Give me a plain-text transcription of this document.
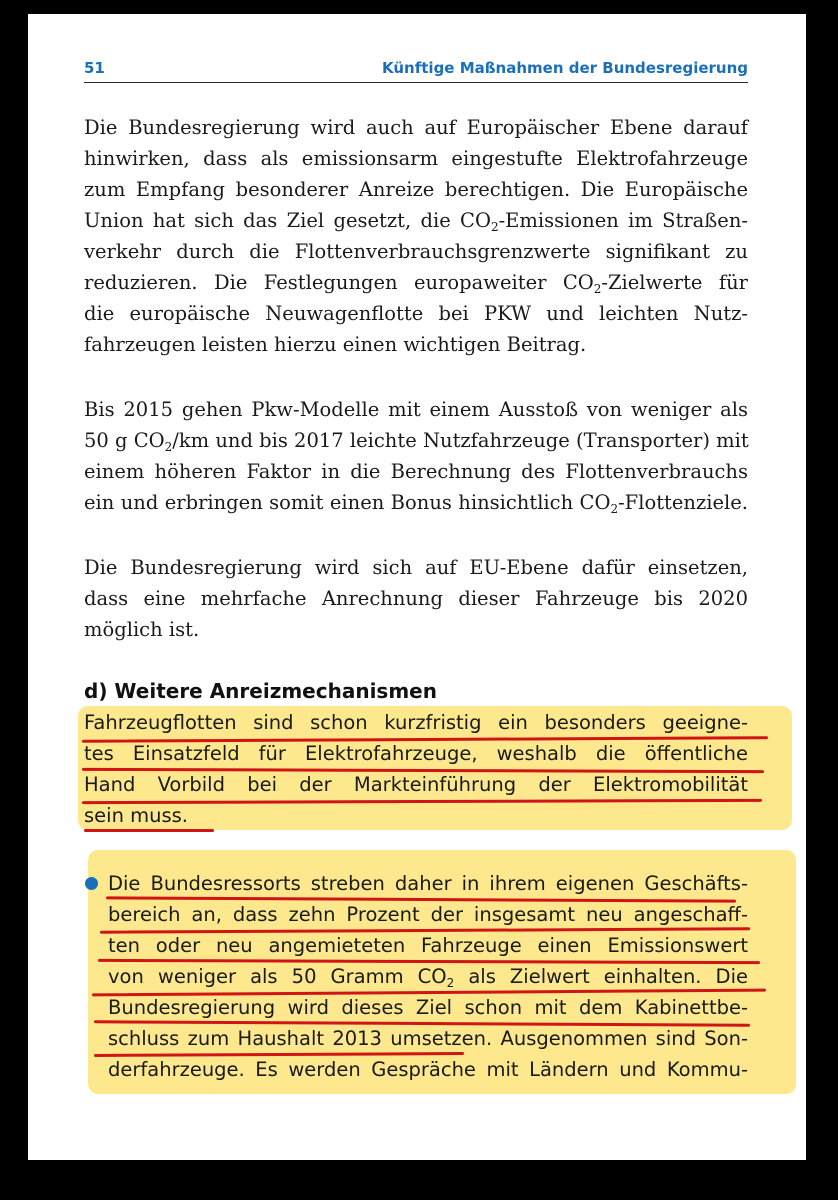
51	Künftige Maßnahmen der Bundesregierung
Die Bundesregierung wird auch auf Europäischer Ebene darauf
hinwirken, dass als emissionsarm eingestufte Elektrofahrzeuge
zum Empfang besonderer Anreize berechtigen. Die Europäische
Union hat sich das Ziel gesetzt, die $CO_2$-Emissionen im Straßen-
verkehr durch die Flottenverbrauchsgrenzwerte signifikant zu
reduzieren. Die Festlegungen europaweiter $CO_2$-Zielwerte für
die europäische Neuwagenflotte bei PKW und leichten Nutz-
fahrzeugen leisten hierzu einen wichtigen Beitrag.
Bis 2015 gehen Pkw-Modelle mit einem Ausstoß von weniger als
50 g $CO_2/km$ und bis 2017 leichte Nutzfahrzeuge (Transporter) mit
einem höheren Faktor in die Berechnung des Flottenverbrauchs
ein und erbringen somit einen Bonus hinsichtlich $CO_2$-Flottenziele.
Die Bundesregierung wird sich auf EU-Ebene dafür einsetzen,
dass eine mehrfache Anrechnung dieser Fahrzeuge bis 2020
möglich ist.
d) Weitere Anreizmechanismen
Fahrzeugflotten sind schon kurzfristig ein besonders geeigne-
tes Einsatzfeld für Elektrofahrzeuge, weshalb die öffentliche
Hand Vorbild bei der Markteinführung der Elektromobilität
sein muss.
Die Bundesressorts streben daher in ihrem eigenen Geschäfts-
bereich an, dass zehn Prozent der insgesamt neu angeschaff-
ten oder neu angemieteten Fahrzeuge einen Emissionswert
von weniger als 50 Gramm $CO_2$ als Zielwert einhalten. Die
Bundesregierung wird dieses Ziel schon mit dem Kabinettbe-
schluss zum Haushalt 2013 umsetzen. Ausgenommen sind Son-
derfahrzeuge. Es werden Gespräche mit Ländern und Kommu-
